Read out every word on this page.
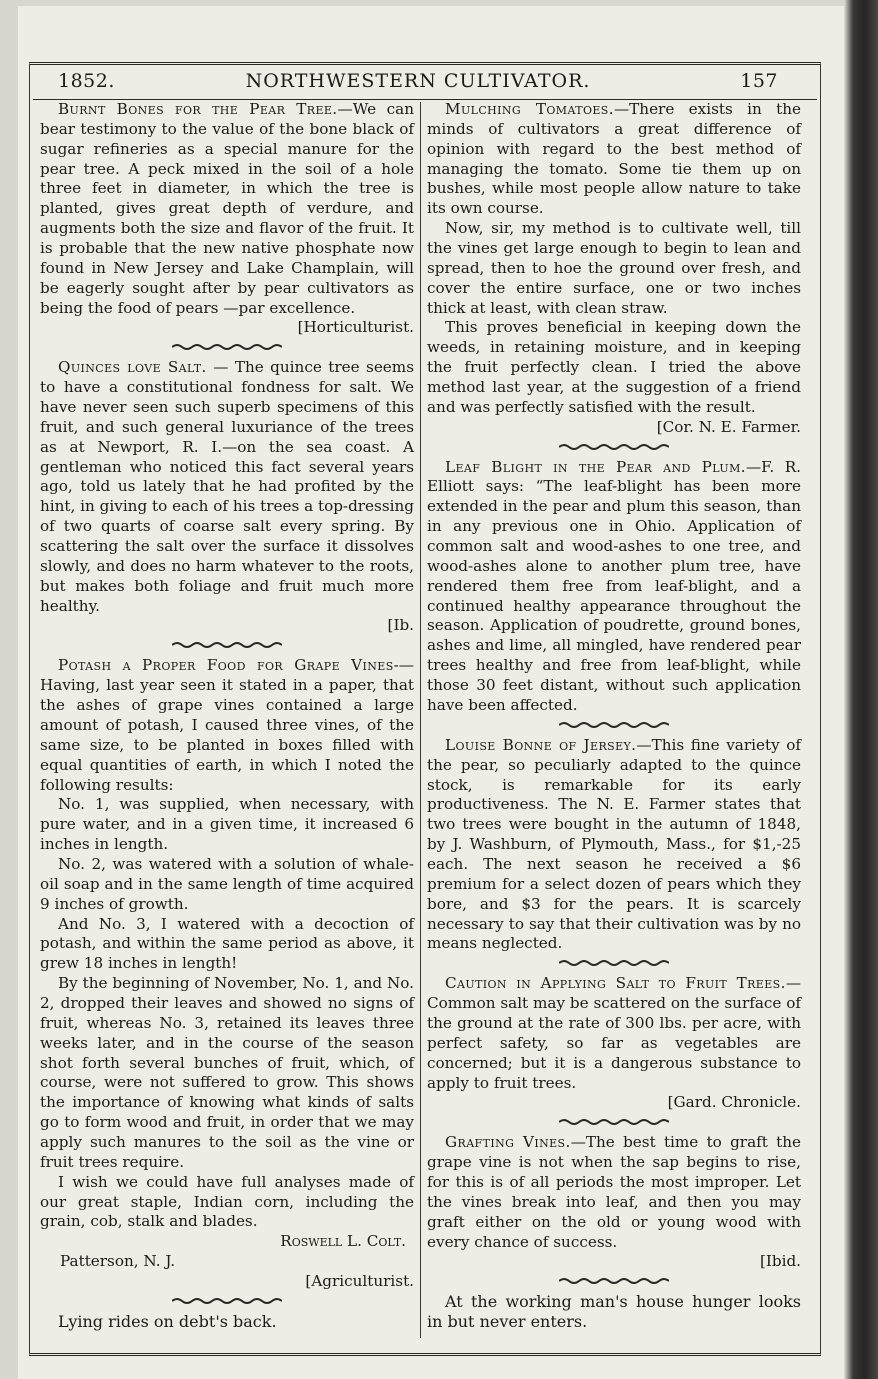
1852.	NORTHWESTERN CULTIVATOR.	157

Burnt Bones for the Pear Tree.—We can bear testimony to the value of the bone black of sugar refineries as a special manure for the pear tree. A peck mixed in the soil of a hole three feet in diameter, in which the tree is planted, gives great depth of verdure, and augments both the size and flavor of the fruit. It is probable that the new native phosphate now found in New Jersey and Lake Champlain, will be eagerly sought after by pear cultivators as being the food of pears —par excellence.

[Horticulturist.

Quinces love Salt. — The quince tree seems to have a constitutional fondness for salt. We have never seen such superb specimens of this fruit, and such general luxuriance of the trees as at Newport, R. I.—on the sea coast. A gentleman who noticed this fact several years ago, told us lately that he had profited by the hint, in giving to each of his trees a top-dressing of two quarts of coarse salt every spring. By scattering the salt over the surface it dissolves slowly, and does no harm whatever to the roots, but makes both foliage and fruit much more healthy.

[Ib.

Potash a Proper Food for Grape Vines-—Having, last year seen it stated in a paper, that the ashes of grape vines contained a large amount of potash, I caused three vines, of the same size, to be planted in boxes filled with equal quantities of earth, in which I noted the following results:

No. 1, was supplied, when necessary, with pure water, and in a given time, it increased 6 inches in length.

No. 2, was watered with a solution of whale-oil soap and in the same length of time acquired 9 inches of growth.

And No. 3, I watered with a decoction of potash, and within the same period as above, it grew 18 inches in length!

By the beginning of November, No. 1, and No. 2, dropped their leaves and showed no signs of fruit, whereas No. 3, retained its leaves three weeks later, and in the course of the season shot forth several bunches of fruit, which, of course, were not suffered to grow. This shows the importance of knowing what kinds of salts go to form wood and fruit, in order that we may apply such manures to the soil as the vine or fruit trees require.

I wish we could have full analyses made of our great staple, Indian corn, including the grain, cob, stalk and blades.

Roswell L. Colt.

Patterson, N. J.

[Agriculturist.

Lying rides on debt's back.

Mulching Tomatoes.—There exists in the minds of cultivators a great difference of opinion with regard to the best method of managing the tomato. Some tie them up on bushes, while most people allow nature to take its own course.

Now, sir, my method is to cultivate well, till the vines get large enough to begin to lean and spread, then to hoe the ground over fresh, and cover the entire surface, one or two inches thick at least, with clean straw.

This proves beneficial in keeping down the weeds, in retaining moisture, and in keeping the fruit perfectly clean. I tried the above method last year, at the suggestion of a friend and was perfectly satisfied with the result.

[Cor. N. E. Farmer.

Leaf Blight in the Pear and Plum.—F. R. Elliott says: “The leaf-blight has been more extended in the pear and plum this season, than in any previous one in Ohio. Application of common salt and wood-ashes to one tree, and wood-ashes alone to another plum tree, have rendered them free from leaf-blight, and a continued healthy appearance throughout the season. Application of poudrette, ground bones, ashes and lime, all mingled, have rendered pear trees healthy and free from leaf-blight, while those 30 feet distant, without such application have been affected.

Louise Bonne of Jersey.—This fine variety of the pear, so peculiarly adapted to the quince stock, is remarkable for its early productiveness. The N. E. Farmer states that two trees were bought in the autumn of 1848, by J. Washburn, of Plymouth, Mass., for $1,-25 each. The next season he received a $6 premium for a select dozen of pears which they bore, and $3 for the pears. It is scarcely necessary to say that their cultivation was by no means neglected.

Caution in Applying Salt to Fruit Trees.—Common salt may be scattered on the surface of the ground at the rate of 300 lbs. per acre, with perfect safety, so far as vegetables are concerned; but it is a dangerous substance to apply to fruit trees.

[Gard. Chronicle.

Grafting Vines.—The best time to graft the grape vine is not when the sap begins to rise, for this is of all periods the most improper. Let the vines break into leaf, and then you may graft either on the old or young wood with every chance of success.

[Ibid.

At the working man's house hunger looks in but never enters.
